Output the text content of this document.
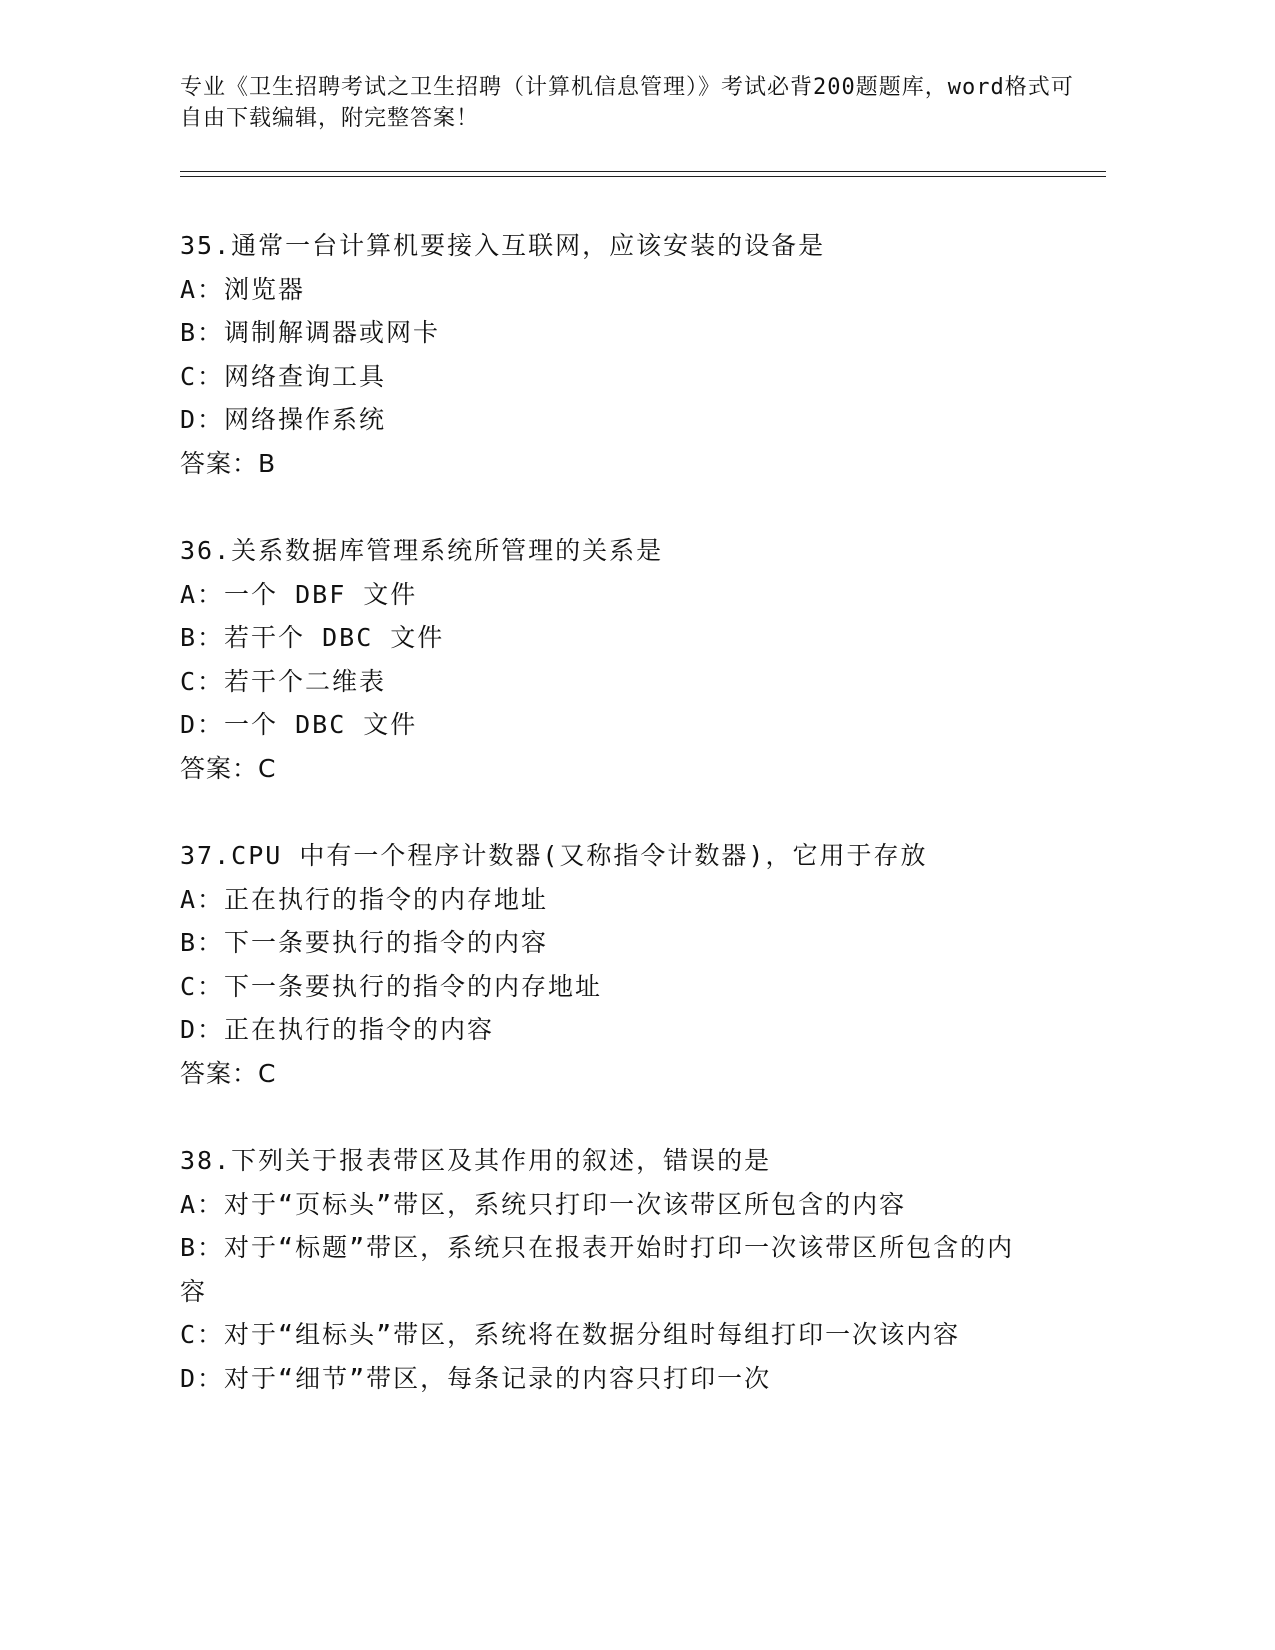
专业《卫生招聘考试之卫生招聘（计算机信息管理）》考试必背200题题库，word格式可自由下载编辑，附完整答案！
35.通常一台计算机要接入互联网，应该安装的设备是
A：浏览器
B：调制解调器或网卡
C：网络查询工具
D：网络操作系统
答案：B
36.关系数据库管理系统所管理的关系是
A：一个 DBF 文件
B：若干个 DBC 文件
C：若干个二维表
D：一个 DBC 文件
答案：C
37.CPU 中有一个程序计数器(又称指令计数器)，它用于存放
A：正在执行的指令的内存地址
B：下一条要执行的指令的内容
C：下一条要执行的指令的内存地址
D：正在执行的指令的内容
答案：C
38.下列关于报表带区及其作用的叙述，错误的是
A：对于“页标头”带区，系统只打印一次该带区所包含的内容
B：对于“标题”带区，系统只在报表开始时打印一次该带区所包含的内容
C：对于“组标头”带区，系统将在数据分组时每组打印一次该内容
D：对于“细节”带区，每条记录的内容只打印一次
